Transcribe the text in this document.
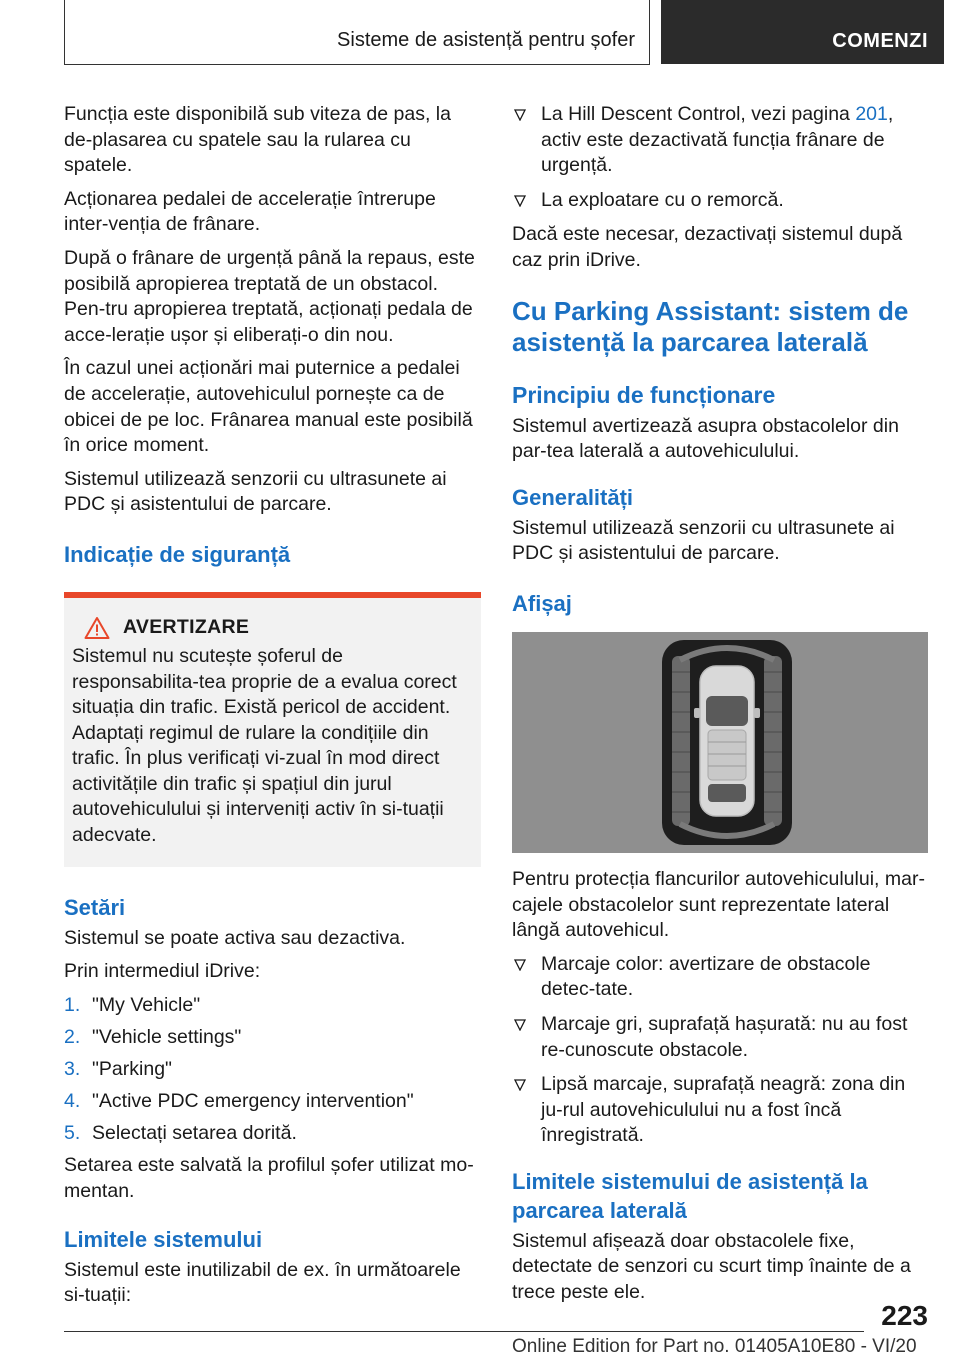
Sisteme de asistență pentru șofer	COMENZI

Funcția este disponibilă sub viteza de pas, la de-plasarea cu spatele sau la rularea cu spatele.

Acționarea pedalei de accelerație întrerupe inter-venția de frânare.

După o frânare de urgență până la repaus, este posibilă apropierea treptată de un obstacol. Pen-tru apropierea treptată, acționați pedala de acce-lerație ușor și eliberați-o din nou.

În cazul unei acționări mai puternice a pedalei de accelerație, autovehiculul pornește ca de obicei de pe loc. Frânarea manual este posibilă în orice moment.

Sistemul utilizează senzorii cu ultrasunete ai PDC și asistentului de parcare.

Indicație de siguranță
AVERTIZARE

Sistemul nu scutește șoferul de responsabilita-tea proprie de a evalua corect situația din trafic. Există pericol de accident. Adaptați regimul de rulare la condițiile din trafic. În plus verificați vi-zual în mod direct activitățile din trafic și spațiul din jurul autovehiculului și interveniți activ în si-tuații adecvate.

Setări

Sistemul se poate activa sau dezactiva.

Prin intermediul iDrive:

1. "My Vehicle"
2. "Vehicle settings"
3. "Parking"
4. "Active PDC emergency intervention"
5. Selectați setarea dorită.

Setarea este salvată la profilul șofer utilizat mo-mentan.

Limitele sistemului

Sistemul este inutilizabil de ex. în următoarele si-tuații:

La Hill Descent Control, vezi pagina 201, activ este dezactivată funcția frânare de urgență.
La exploatare cu o remorcă.

Dacă este necesar, dezactivați sistemul după caz prin iDrive.

Cu Parking Assistant: sistem de asistență la parcarea laterală
Principiu de funcționare

Sistemul avertizează asupra obstacolelor din par-tea laterală a autovehiculului.

Generalități

Sistemul utilizează senzorii cu ultrasunete ai PDC și asistentului de parcare.

Afișaj

Pentru protecția flancurilor autovehiculului, mar-cajele obstacolelor sunt reprezentate lateral lângă autovehicul.

Marcaje color: avertizare de obstacole detec-tate.
Marcaje gri, suprafață hașurată: nu au fost re-cunoscute obstacole.
Lipsă marcaje, suprafață neagră: zona din ju-rul autovehiculului nu a fost încă înregistrată.
Limitele sistemului de asistență la parcarea laterală

Sistemul afișează doar obstacolele fixe, detectate de senzori cu scurt timp înainte de a trece peste ele.

223
Online Edition for Part no. 01405A10E80 - VI/20
